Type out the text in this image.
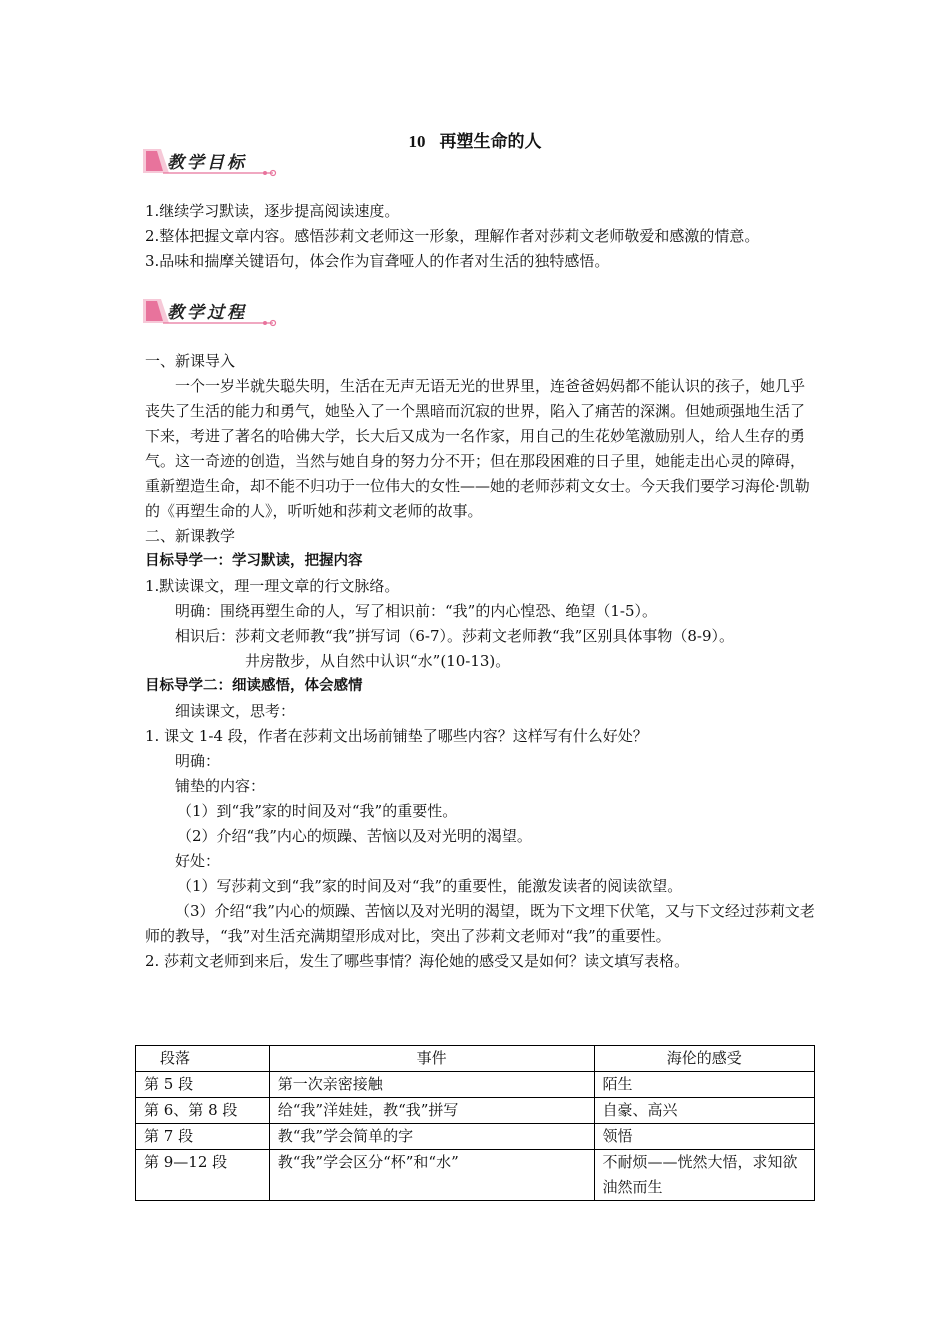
10 再塑生命的人
教学目标

1.继续学习默读，逐步提高阅读速度。

2.整体把握文章内容。感悟莎莉文老师这一形象，理解作者对莎莉文老师敬爱和感激的情意。

3.品味和揣摩关键语句，体会作为盲聋哑人的作者对生活的独特感悟。

教学过程

一、新课导入

一个一岁半就失聪失明，生活在无声无语无光的世界里，连爸爸妈妈都不能认识的孩子，她几乎丧失了生活的能力和勇气，她坠入了一个黑暗而沉寂的世界，陷入了痛苦的深渊。但她顽强地生活了下来，考进了著名的哈佛大学，长大后又成为一名作家，用自己的生花妙笔激励别人，给人生存的勇气。这一奇迹的创造，当然与她自身的努力分不开；但在那段困难的日子里，她能走出心灵的障碍，重新塑造生命，却不能不归功于一位伟大的女性——她的老师莎莉文女士。今天我们要学习海伦·凯勒的《再塑生命的人》，听听她和莎莉文老师的故事。

二、新课教学

目标导学一：学习默读，把握内容

1.默读课文，理一理文章的行文脉络。

明确：围绕再塑生命的人，写了相识前：“我”的内心惶恐、绝望（1-5）。

相识后：莎莉文老师教“我”拼写词（6-7）。莎莉文老师教“我”区别具体事物（8-9）。

井房散步，从自然中认识“水”(10-13)。

目标导学二：细读感悟，体会感情

细读课文，思考：

1. 课文 1-4 段，作者在莎莉文出场前铺垫了哪些内容？这样写有什么好处？

明确：

铺垫的内容：

（1）到“我”家的时间及对“我”的重要性。

（2）介绍“我”内心的烦躁、苦恼以及对光明的渴望。

好处：

（1）写莎莉文到“我”家的时间及对“我”的重要性，能激发读者的阅读欲望。

（3）介绍“我”内心的烦躁、苦恼以及对光明的渴望，既为下文埋下伏笔，又与下文经过莎莉文老师的教导，“我”对生活充满期望形成对比，突出了莎莉文老师对“我”的重要性。

2. 莎莉文老师到来后，发生了哪些事情？海伦她的感受又是如何？读文填写表格。

段落	事件	海伦的感受
第 5 段	第一次亲密接触	陌生
第 6、第 8 段	给“我”洋娃娃，教“我”拼写	自豪、高兴
第 7 段	教“我”学会简单的字	领悟
第 9—12 段	教“我”学会区分“杯”和“水”	不耐烦——恍然大悟，求知欲油然而生
